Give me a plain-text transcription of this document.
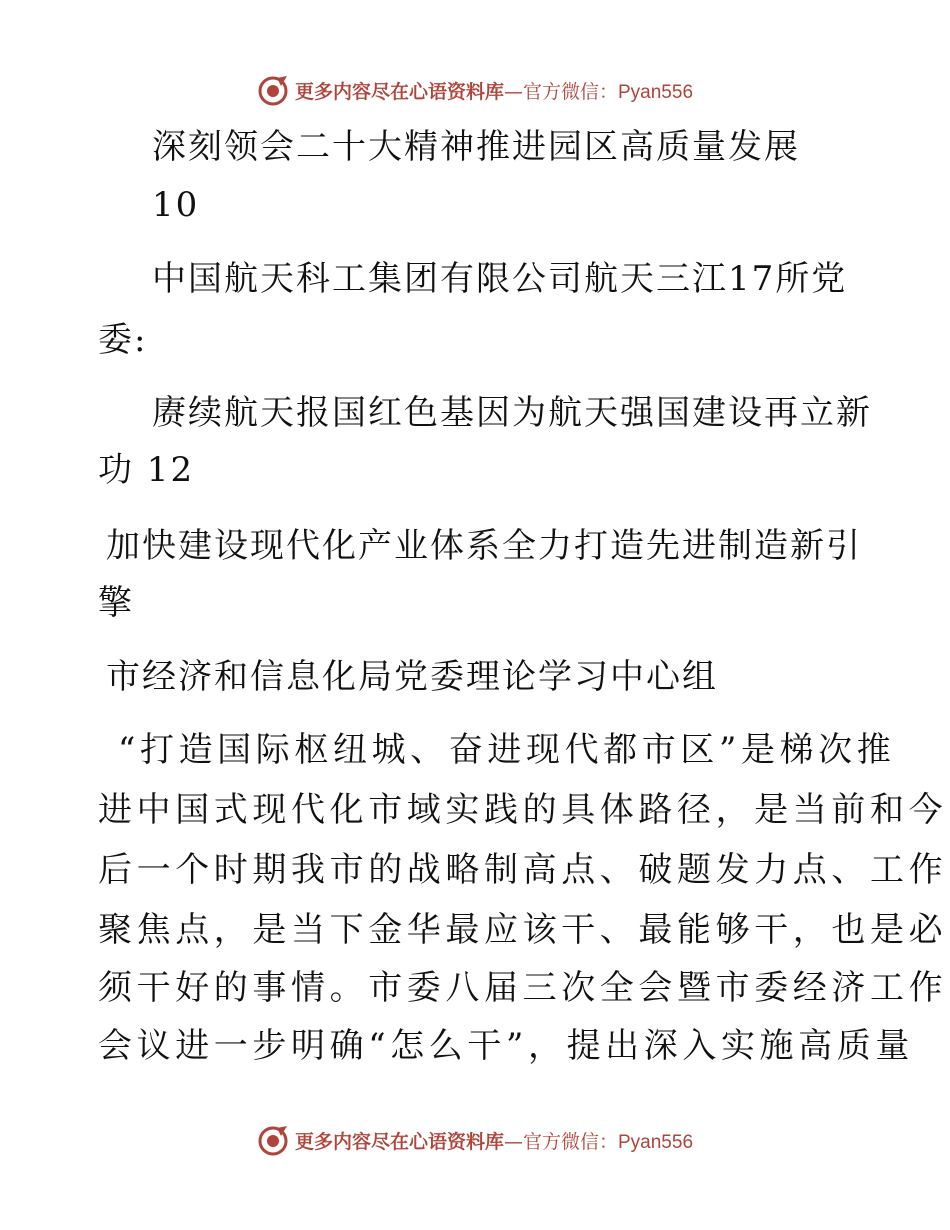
更多内容尽在心语资料库—官方微信：Pyan556
深刻领会二十大精神推进园区高质量发展
10
中国航天科工集团有限公司航天三江17所党
委:
赓续航天报国红色基因为航天强国建设再立新
功 12
加快建设现代化产业体系全力打造先进制造新引
擎
市经济和信息化局党委理论学习中心组
“打造国际枢纽城、奋进现代都市区”是梯次推
进中国式现代化市域实践的具体路径，是当前和今
后一个时期我市的战略制高点、破题发力点、工作
聚焦点，是当下金华最应该干、最能够干，也是必
须干好的事情。市委八届三次全会暨市委经济工作
会议进一步明确“怎么干”，提出深入实施高质量
更多内容尽在心语资料库—官方微信：Pyan556
